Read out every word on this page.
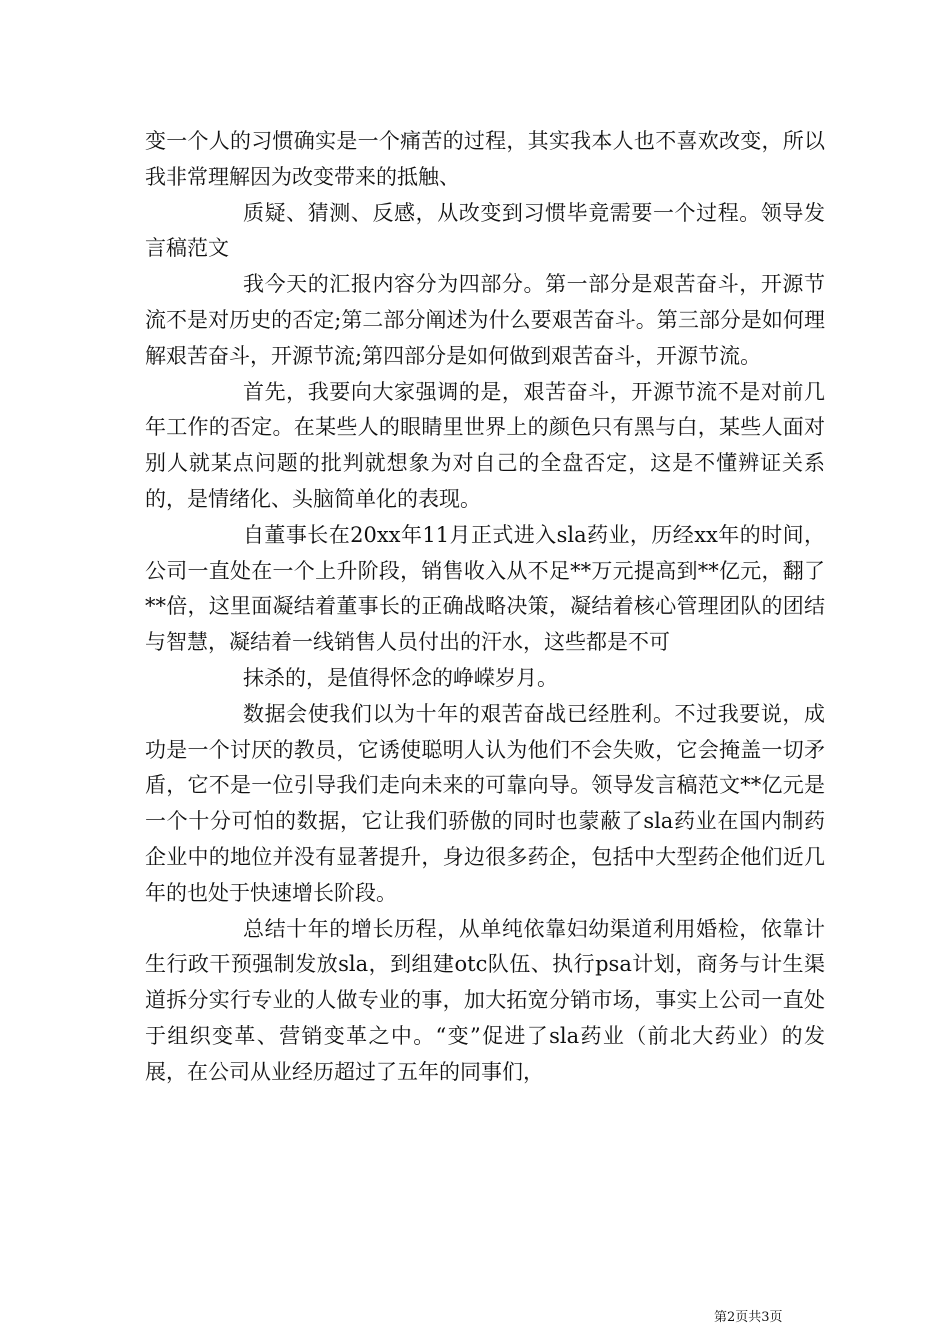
变一个人的习惯确实是一个痛苦的过程，其实我本人也不喜欢改变，所以我非常理解因为改变带来的抵触、

质疑、猜测、反感，从改变到习惯毕竟需要一个过程。领导发言稿范文

我今天的汇报内容分为四部分。第一部分是艰苦奋斗，开源节流不是对历史的否定;第二部分阐述为什么要艰苦奋斗。第三部分是如何理解艰苦奋斗，开源节流;第四部分是如何做到艰苦奋斗，开源节流。

首先，我要向大家强调的是，艰苦奋斗，开源节流不是对前几年工作的否定。在某些人的眼睛里世界上的颜色只有黑与白，某些人面对别人就某点问题的批判就想象为对自己的全盘否定，这是不懂辨证关系的，是情绪化、头脑简单化的表现。

自董事长在20xx年11月正式进入sla药业，历经xx年的时间，公司一直处在一个上升阶段，销售收入从不足**万元提高到**亿元，翻了**倍，这里面凝结着董事长的正确战略决策，凝结着核心管理团队的团结与智慧，凝结着一线销售人员付出的汗水，这些都是不可

抹杀的，是值得怀念的峥嵘岁月。

数据会使我们以为十年的艰苦奋战已经胜利。不过我要说，成功是一个讨厌的教员，它诱使聪明人认为他们不会失败，它会掩盖一切矛盾，它不是一位引导我们走向未来的可靠向导。领导发言稿范文**亿元是一个十分可怕的数据，它让我们骄傲的同时也蒙蔽了sla药业在国内制药企业中的地位并没有显著提升，身边很多药企，包括中大型药企他们近几年的也处于快速增长阶段。

总结十年的增长历程，从单纯依靠妇幼渠道利用婚检，依靠计生行政干预强制发放sla，到组建otc队伍、执行psa计划，商务与计生渠道拆分实行专业的人做专业的事，加大拓宽分销市场，事实上公司一直处于组织变革、营销变革之中。“变”促进了sla药业（前北大药业）的发展，在公司从业经历超过了五年的同事们，

第2页共3页
